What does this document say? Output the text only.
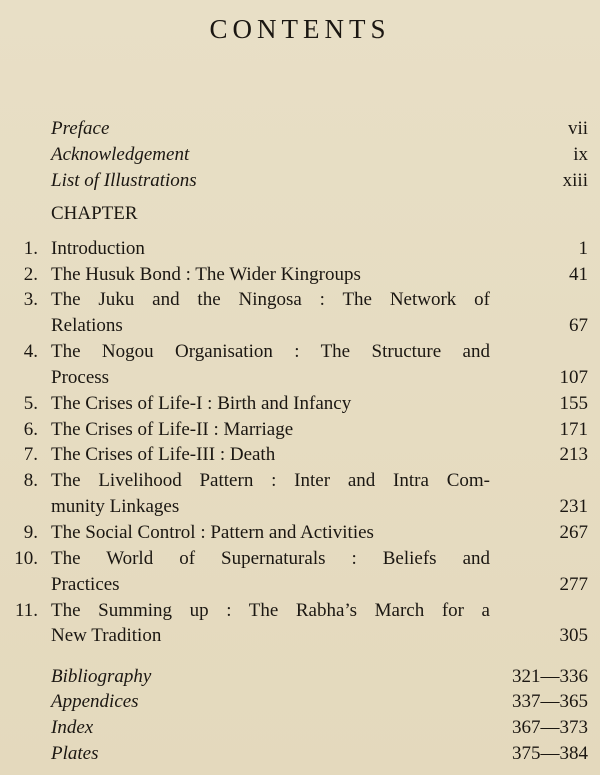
CONTENTS
Preface	vii
Acknowledgement	ix
List of Illustrations	xiii
CHAPTER
1. Introduction	1
2. The Husuk Bond : The Wider Kingroups	41
3. The Juku and the Ningosa : The Network of
Relations	67
4. The Nogou Organisation : The Structure and
Process	107
5. The Crises of Life-I : Birth and Infancy	155
6. The Crises of Life-II : Marriage	171
7. The Crises of Life-III : Death	213
8. The Livelihood Pattern : Inter and Intra Com-
munity Linkages	231
9. The Social Control : Pattern and Activities	267
10. The World of Supernaturals : Beliefs and
Practices	277
11. The Summing up : The Rabha’s March for a
New Tradition	305
Bibliography	321—336
Appendices	337—365
Index	367—373
Plates	375—384
